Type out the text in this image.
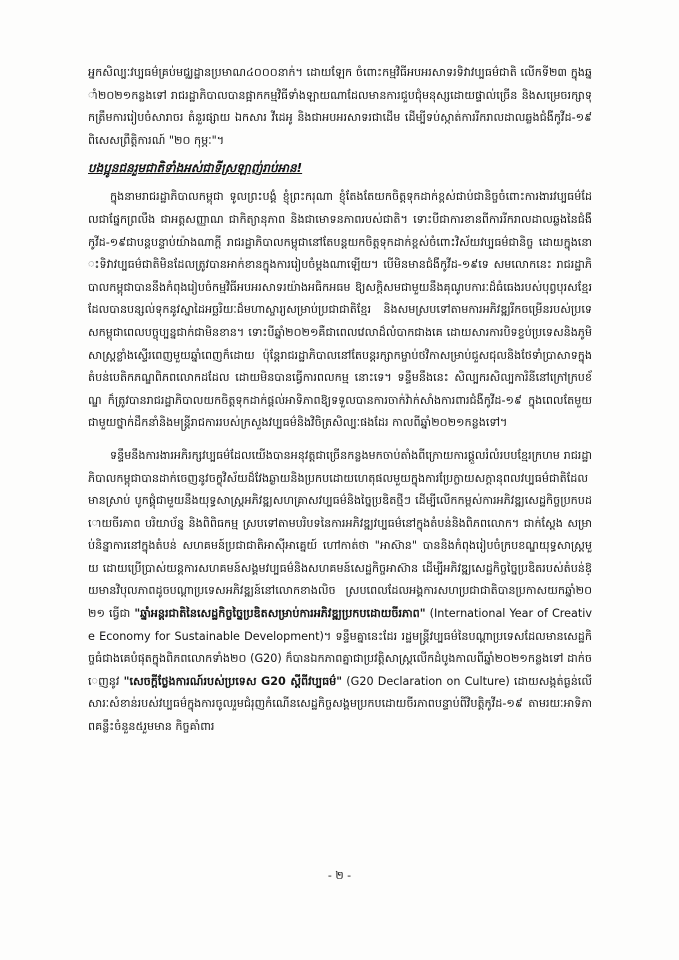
អ្នកសិល្បៈវប្បធម៌គ្រប់មជ្ឈដ្ឋានប្រមាណ៤០០០នាក់។ ដោយឡែក ចំពោះកម្មវិធីអបអរសាទរទិវាវប្បធម៌ជាតិ លើកទី២៣ ក្នុងឆ្នាំ២០២១កន្លងទៅ រាជរដ្ឋាភិបាលបានផ្អាកកម្មវិធីទាំងឡាយណាដែលមានការជួបជុំមនុស្សដោយផ្ទាល់ច្រើន និងសម្រេចរក្សាទុកត្រឹមការរៀបចំសារាចរ តំនួរផ្សាយ ឯកសារ វីដេអូ និងជាអបអរសាទរជាដើម ដើម្បីទប់ស្កាត់ការរីករាលដាលឆ្លងជំងឺកូវីដ-១៩ ពិសេសព្រឹត្តិការណ៍ "២០ កុម្ភៈ"។

បងប្អូនជនរួមជាតិទាំងអស់ជាទីស្រឡាញ់រាប់អាន!

ក្នុងនាមរាជរដ្ឋាភិបាលកម្ពុជា ទូលព្រះបង្គំ ខ្ញុំព្រះករុណា ខ្ញុំតែងតែយកចិត្តទុកដាក់ខ្ពស់ជាប់ជានិច្ចចំពោះការងារវប្បធម៌ដែលជាផ្នែកព្រលឹង ជាអត្តសញ្ញាណ ជាកិត្យានុភាព និងជាមោទនភាពរបស់ជាតិ។ ទោះបីជាការខានពីការរីករាលដាលឆ្លងនៃជំងឺកូវីដ-១៩ជាបន្តបន្ទាប់យ៉ាងណាក្តី រាជរដ្ឋាភិបាលកម្ពុជានៅតែបន្តយកចិត្តទុកដាក់ខ្ពស់ចំពោះវិស័យវប្បធម៌ជានិច្ច ដោយក្នុងនោះទិវាវប្បធម៌ជាតិមិនដែលត្រូវបានអាក់ខានក្នុងការរៀបចំម្តងណាឡើយ។ បើមិនមានជំងឺកូវីដ-១៩ទេ សមលោកនេះ រាជរដ្ឋាភិបាលកម្ពុជាបាននឹងកំពុងរៀបចំកម្មវិធីអបអរសាទរយ៉ាងអធិកអធម ឱ្យសក្តិសមជាមួយនឹងគុណូបការៈដ៏ធំធេងរបស់បុព្វបុរសខ្មែរដែលបានបន្សល់ទុកនូវស្នាដៃអច្ឆរិយៈដ៏មហាស្ចារ្យសម្រាប់ប្រជាជាតិខ្មែរ និងសមស្របទៅតាមការអភិវឌ្ឍរីកចម្រើនរបស់ប្រទេសកម្ពុជាពេលបច្ចុប្បន្នជាក់ជាមិនខាន។ ទោះបីឆ្នាំ២០២១គឺជាពេលវេលាដ៏លំបាកជាងគេ ដោយសារការបិទខ្ទប់ប្រទេសនិងភូមិសាស្ត្រខ្លាំងស្ទើរពេញមួយឆ្នាំពេញក៏ដោយ ប៉ុន្តែរាជរដ្ឋាភិបាលនៅតែបន្តរក្សាកម្ចាប់ថវិកាសម្រាប់ជួសជុលនិងថែទាំប្រាសាទក្នុងតំបន់បេតិកភណ្ឌពិភពលោកដដែល ដោយមិនបានធ្វើការពលកម្ម នោះទេ។ ទន្ទឹមនឹងនេះ សិល្បករសិល្បការិនីនៅក្រៅក្របខ័ណ្ឌ ក៏ត្រូវបានរាជរដ្ឋាភិបាលយកចិត្តទុកដាក់ផ្តល់អាទិភាពឱ្យទទួលបានការចាក់វ៉ាក់សាំងការពារជំងឺកូវីដ-១៩ ក្នុងពេលតែមួយជាមួយថ្នាក់ដឹកនាំនិងមន្ត្រីរាជការរបស់ក្រសួងវប្បធម៌និងវិចិត្រសិល្បៈផងដែរ កាលពីឆ្នាំ២០២១កន្លងទៅ។

ទន្ទឹមនឹងការងារអភិរក្សវប្បធម៌ដែលយើងបានអនុវត្តជាច្រើនកន្លងមកចាប់តាំងពីក្រោយការផ្តួលរំលំរបបខ្មែរក្រហម រាជរដ្ឋាភិបាលកម្ពុជាបានដាក់ចេញនូវចក្ខុវិស័យដ៏វែងឆ្ងាយនិងប្រកបដោយហេតុផលមួយក្នុងការប្រែក្លាយសក្តានុពលវប្បធម៌ជាតិដែលមានស្រាប់ បូកផ្គុំជាមួយនឹងយុទ្ធសាស្ត្រអភិវឌ្ឍសហគ្រាសវប្បធម៌និងច្នៃប្រឌិតថ្មីៗ ដើម្បីលើកកម្ពស់ការអភិវឌ្ឍសេដ្ឋកិច្ចប្រកបដោយចីរភាព បរិយាប័ន្ន និងពិពិធកម្ម ស្របទៅតាមបរិបទនៃការអភិវឌ្ឍវប្បធម៌នៅក្នុងតំបន់និងពិភពលោក។ ជាក់ស្តែង សម្រាប់និន្នាការនៅក្នុងតំបន់ សហគមន៍ប្រជាជាតិអាស៊ីអាគ្នេយ៍ ហៅកាត់ថា "អាស៊ាន" បាននិងកំពុងរៀបចំក្របខណ្ឌយុទ្ធសាស្ត្រមួយ ដោយប្រើប្រាស់យន្តការសហគមន៍សង្គមវប្បធម៌និងសហគមន៍សេដ្ឋកិច្ចអាស៊ាន ដើម្បីអភិវឌ្ឍសេដ្ឋកិច្ចច្នៃប្រឌិតរបស់តំបន់ឱ្យមានវិបុលភាពដូចបណ្តាប្រទេសអភិវឌ្ឍន៍នៅលោកខាងលិច ស្របពេលដែលអង្គការសហប្រជាជាតិបានប្រកាសយកឆ្នាំ២០២១ ធ្វើជា "ឆ្នាំអន្តរជាតិនៃសេដ្ឋកិច្ចច្នៃប្រឌិតសម្រាប់ការអភិវឌ្ឍប្រកបដោយចីរភាព" (International Year of Creative Economy for Sustainable Development)។ ទន្ទឹមគ្នានេះដែរ រដ្ឋមន្ត្រីវប្បធម៌នៃបណ្តាប្រទេសដែលមានសេដ្ឋកិច្ចធំជាងគេបំផុតក្នុងពិភពលោកទាំង២០ (G20) ក៏បានឯកភាពគ្នាជាប្រវត្តិសាស្ត្រលើកដំបូងកាលពីឆ្នាំ២០២១កន្លងទៅ ដាក់ចេញនូវ "សេចក្តីថ្លែងការណ៍របស់ប្រទេស G20 ស្តីពីវប្បធម៌" (G20 Declaration on Culture) ដោយសង្កត់ធ្ងន់លើសារៈសំខាន់របស់វប្បធម៌ក្នុងការចូលរួមជំរុញកំណើនសេដ្ឋកិច្ចសង្គមប្រកបដោយចីរភាពបន្ទាប់ពីវិបត្តិកូវីដ-១៩ តាមរយៈអាទិភាពគន្លឹះចំនួន៥រួមមាន កិច្ចគាំពារ

- ២ -
